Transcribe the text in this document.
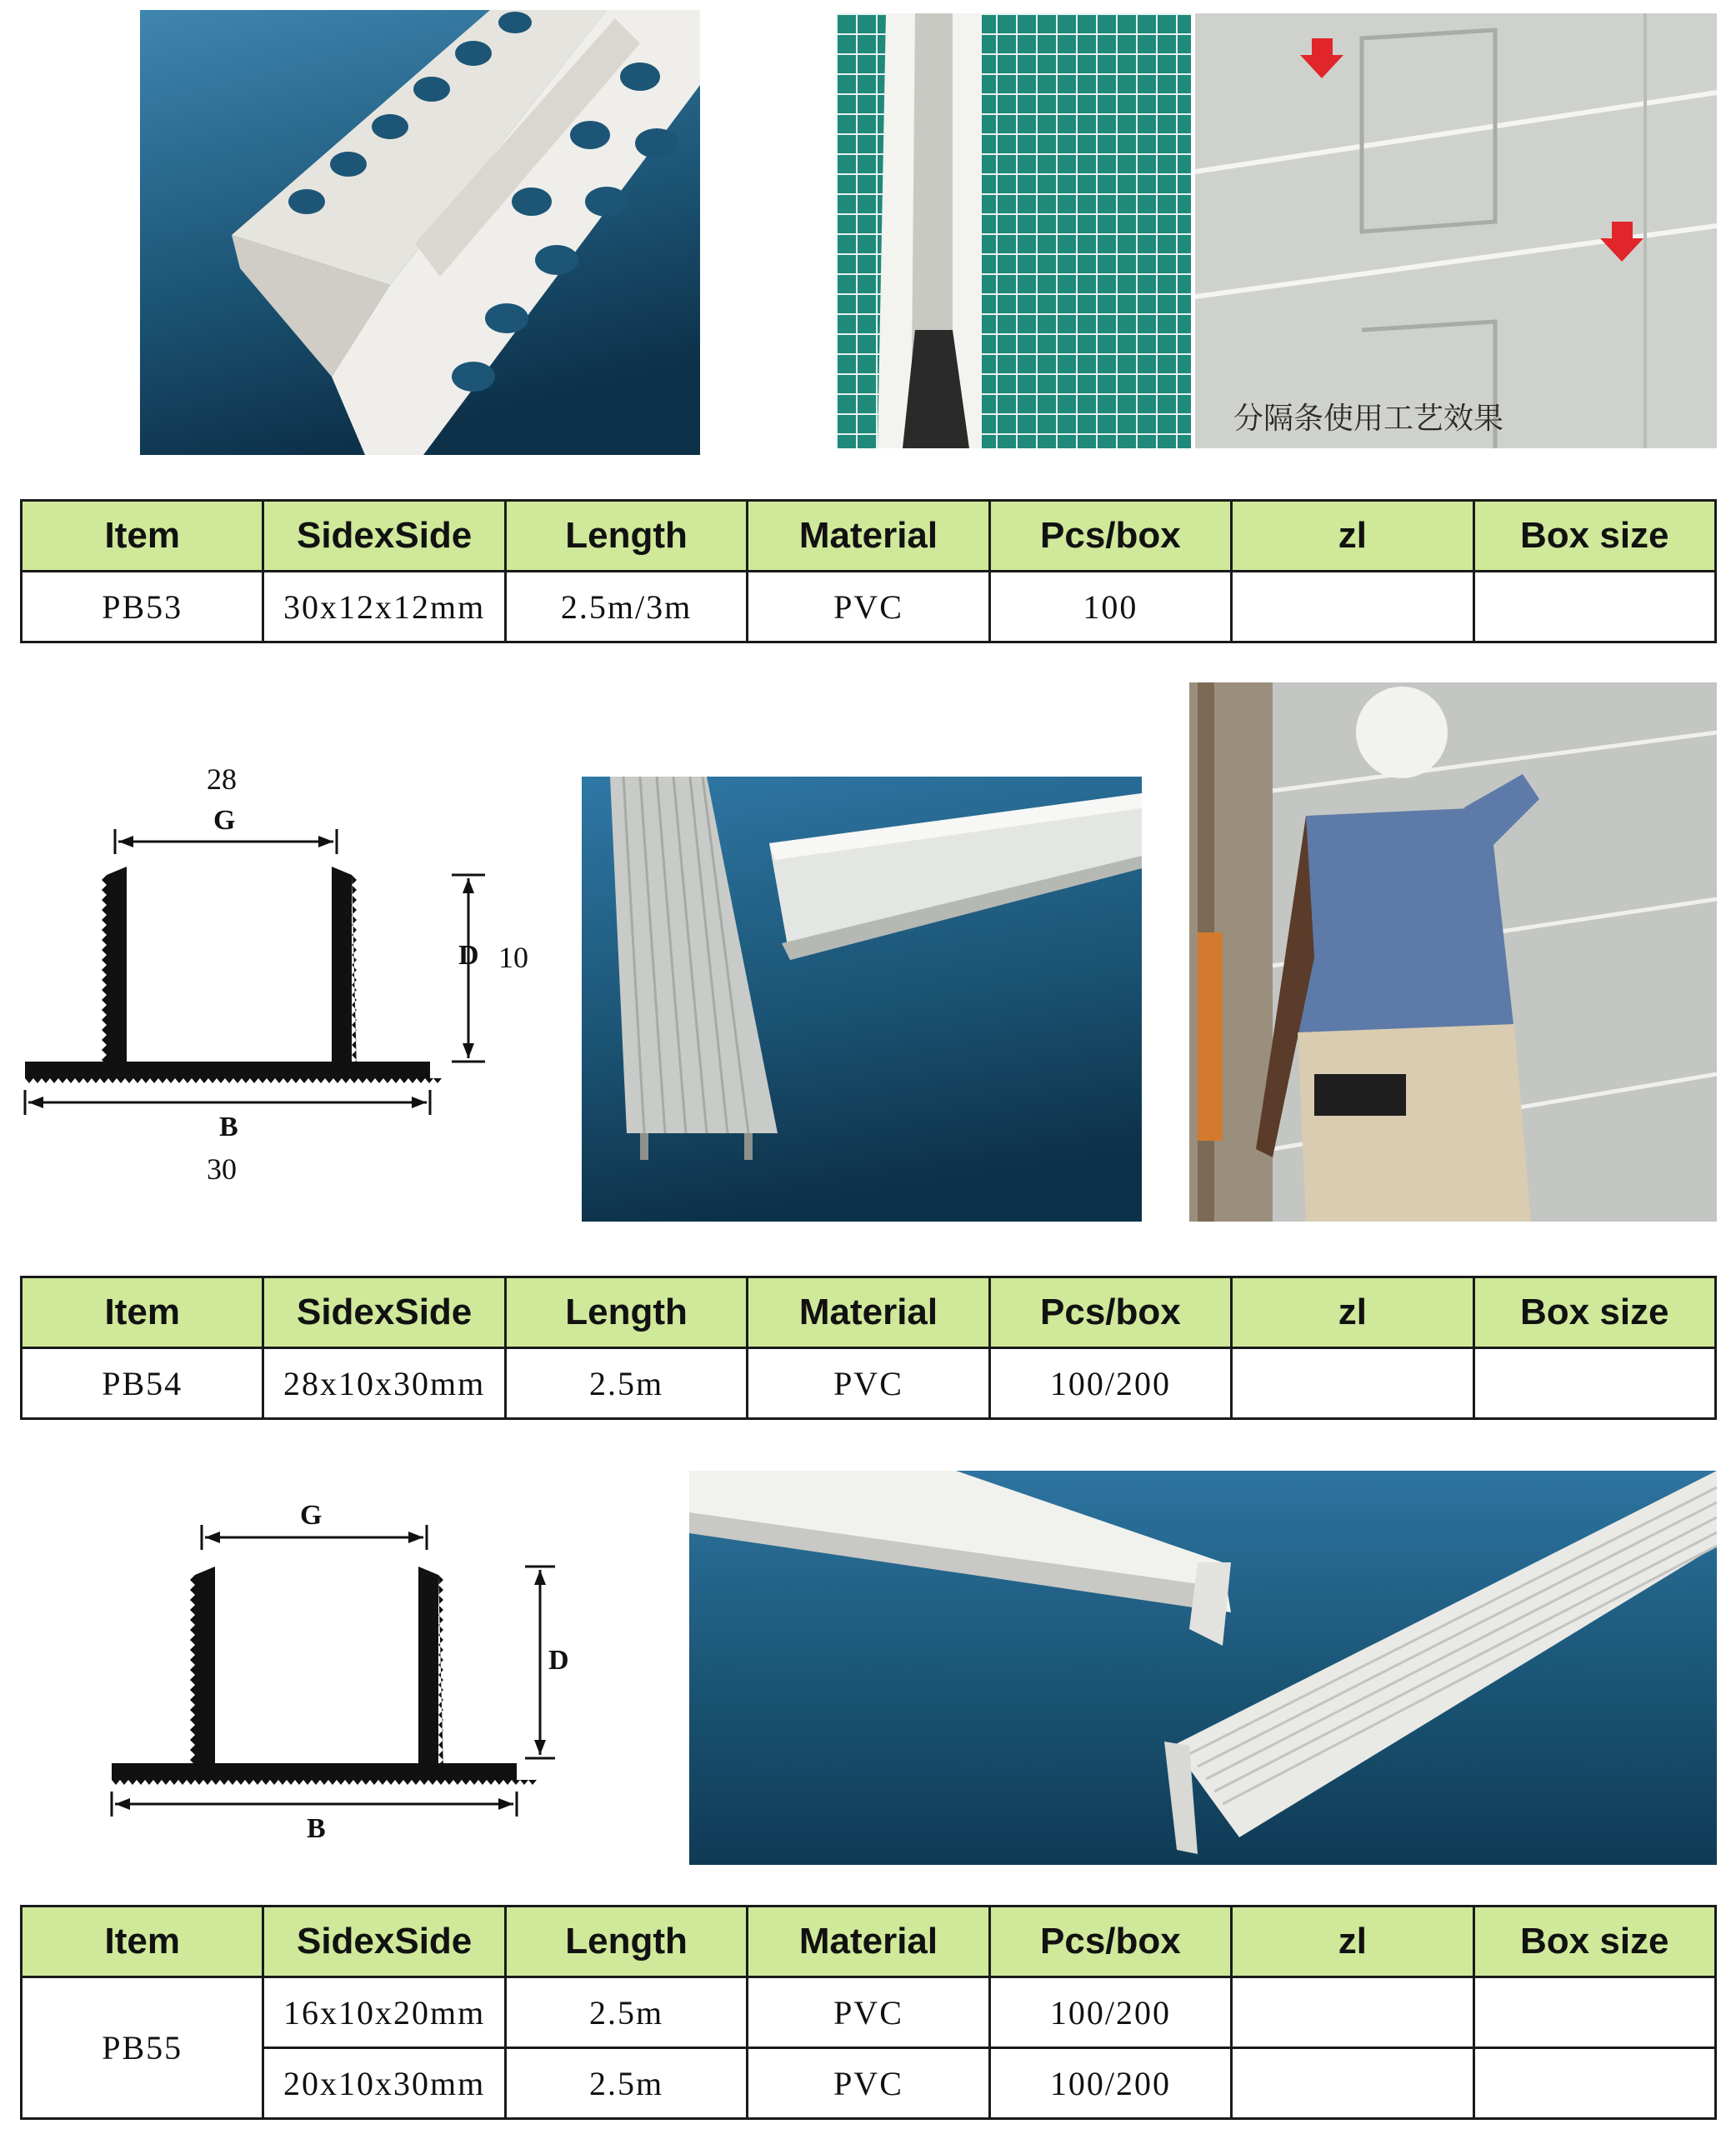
分隔条使用工艺效果
Item	SidexSide	Length	Material	Pcs/box	zl	Box size
PB53	30x12x12mm	2.5m/3m	PVC	100		
28
G
D 10
B
30
Item	SidexSide	Length	Material	Pcs/box	zl	Box size
PB54	28x10x30mm	2.5m	PVC	100/200		
G
D
B
Item	SidexSide	Length	Material	Pcs/box	zl	Box size
PB55	16x10x20mm	2.5m	PVC	100/200		
	20x10x30mm	2.5m	PVC	100/200		
